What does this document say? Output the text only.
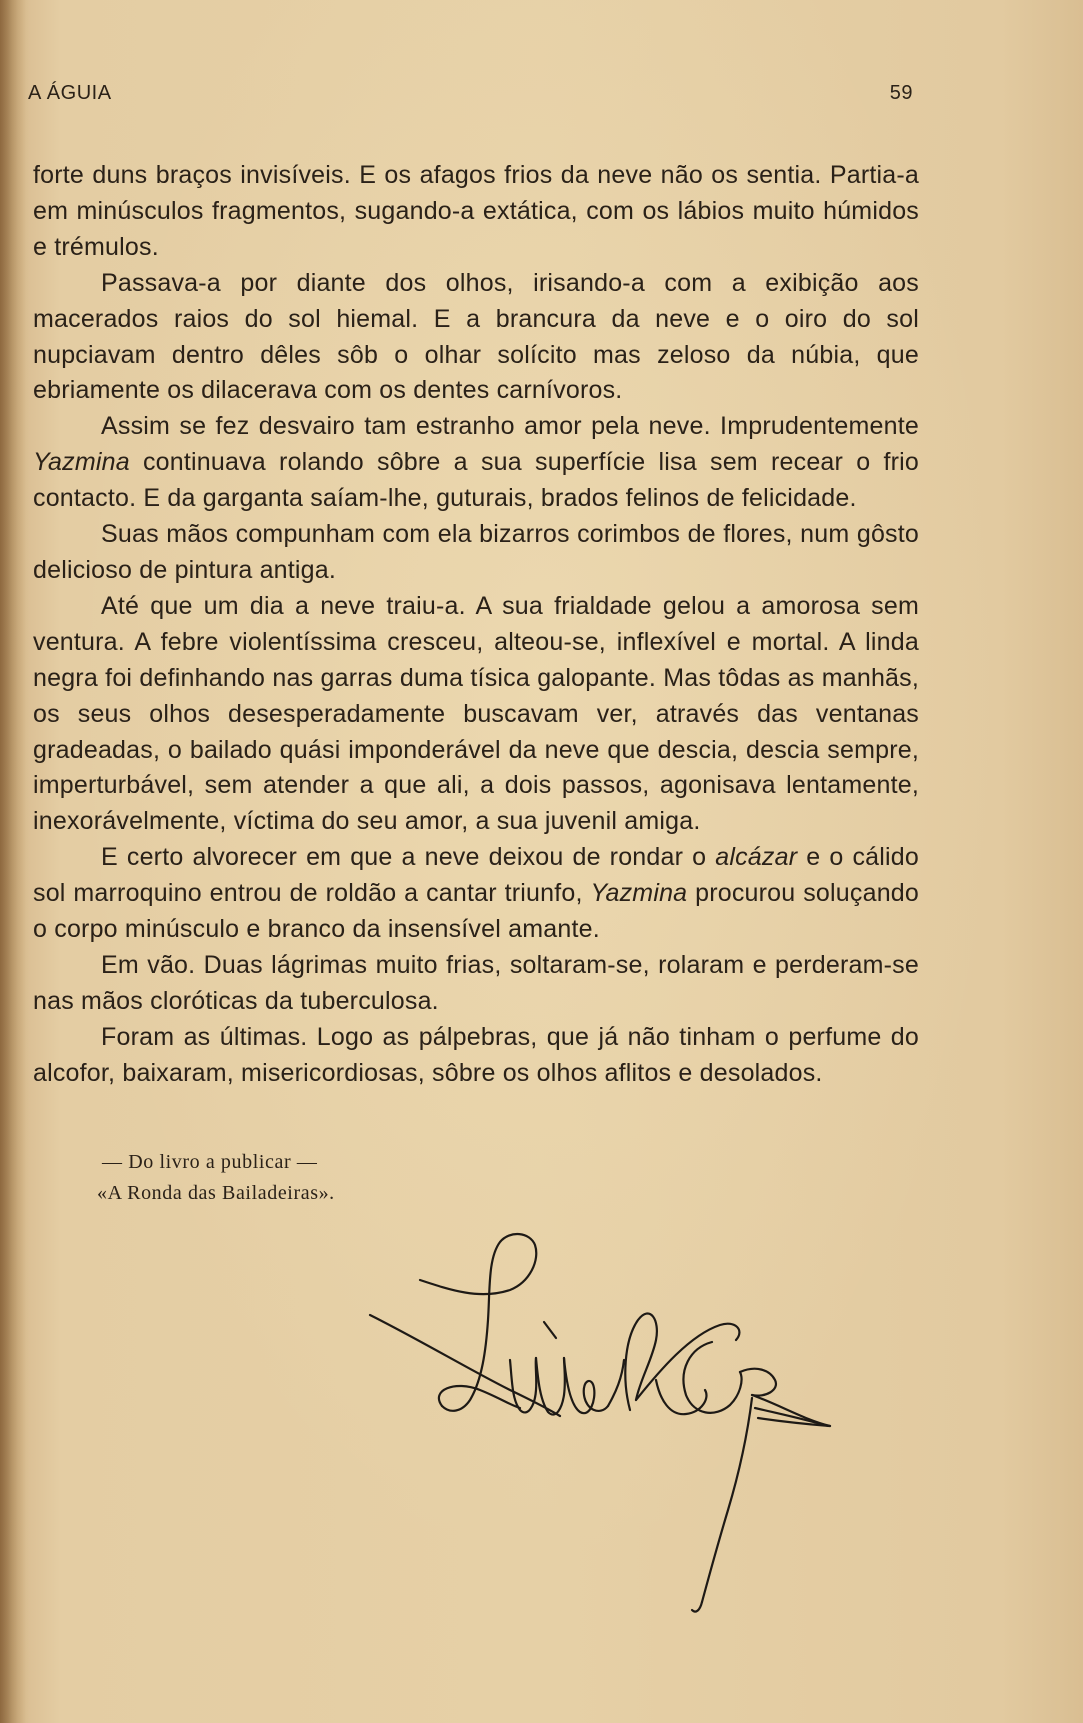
A ÁGUIA	59

forte duns braços invisíveis. E os afagos frios da neve não os sentia. Partia-a em minúsculos fragmentos, sugando-a extática, com os lábios muito húmidos e trémulos.

Passava-a por diante dos olhos, irisando-a com a exibição aos macerados raios do sol hiemal. E a brancura da neve e o oiro do sol nupciavam dentro dêles sôb o olhar solícito mas zeloso da núbia, que ebriamente os dilacerava com os dentes carnívoros.

Assim se fez desvairo tam estranho amor pela neve. Imprudentemente Yazmina continuava rolando sôbre a sua superfície lisa sem recear o frio contacto. E da garganta saíam-lhe, guturais, brados felinos de felicidade.

Suas mãos compunham com ela bizarros corimbos de flores, num gôsto delicioso de pintura antiga.

Até que um dia a neve traiu-a. A sua frialdade gelou a amorosa sem ventura. A febre violentíssima cresceu, alteou-se, inflexível e mortal. A linda negra foi definhando nas garras duma tísica galopante. Mas tôdas as manhãs, os seus olhos desesperadamente buscavam ver, através das ventanas gradeadas, o bailado quási imponderável da neve que descia, descia sempre, imperturbável, sem atender a que ali, a dois passos, agonisava lentamente, inexorávelmente, víctima do seu amor, a sua juvenil amiga.

E certo alvorecer em que a neve deixou de rondar o alcázar e o cálido sol marroquino entrou de roldão a cantar triunfo, Yazmina procurou soluçando o corpo minúsculo e branco da insensível amante.

Em vão. Duas lágrimas muito frias, soltaram-se, rolaram e perderam-se nas mãos cloróticas da tuberculosa.

Foram as últimas. Logo as pálpebras, que já não tinham o perfume do alcofor, baixaram, misericordiosas, sôbre os olhos aflitos e desolados.

— Do livro a publicar —
«A Ronda das Bailadeiras».
